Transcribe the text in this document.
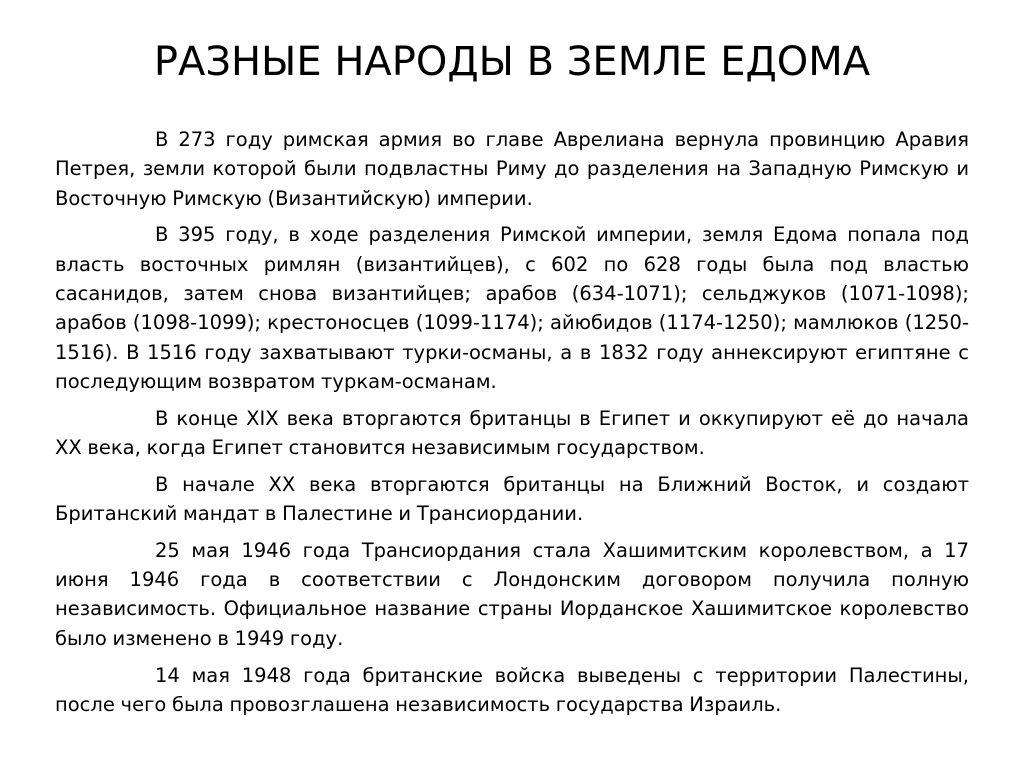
РАЗНЫЕ НАРОДЫ В ЗЕМЛЕ ЕДОМА

В 273 году римская армия во главе Аврелиана вернула провинцию Аравия Петрея, земли которой были подвластны Риму до разделения на Западную Римскую и Восточную Римскую (Византийскую) империи.

В 395 году, в ходе разделения Римской империи, земля Едома попала под власть восточных римлян (византийцев), с 602 по 628 годы была под властью сасанидов, затем снова византийцев; арабов (634-1071); сельджуков (1071-1098); арабов (1098-1099); крестоносцев (1099-1174); айюбидов (1174-1250); мамлюков (1250-1516). В 1516 году захватывают турки-османы, а в 1832 году аннексируют египтяне с последующим возвратом туркам-османам.

В конце XIX века вторгаются британцы в Египет и оккупируют её до начала XX века, когда Египет становится независимым государством.

В начале XX века вторгаются британцы на Ближний Восток, и создают Британский мандат в Палестине и Трансиордании.

25 мая 1946 года Трансиордания стала Хашимитским королевством, а 17 июня 1946 года в соответствии с Лондонским договором получила полную независимость. Официальное название страны Иорданское Хашимитское королевство было изменено в 1949 году.

14 мая 1948 года британские войска выведены с территории Палестины, после чего была провозглашена независимость государства Израиль.
